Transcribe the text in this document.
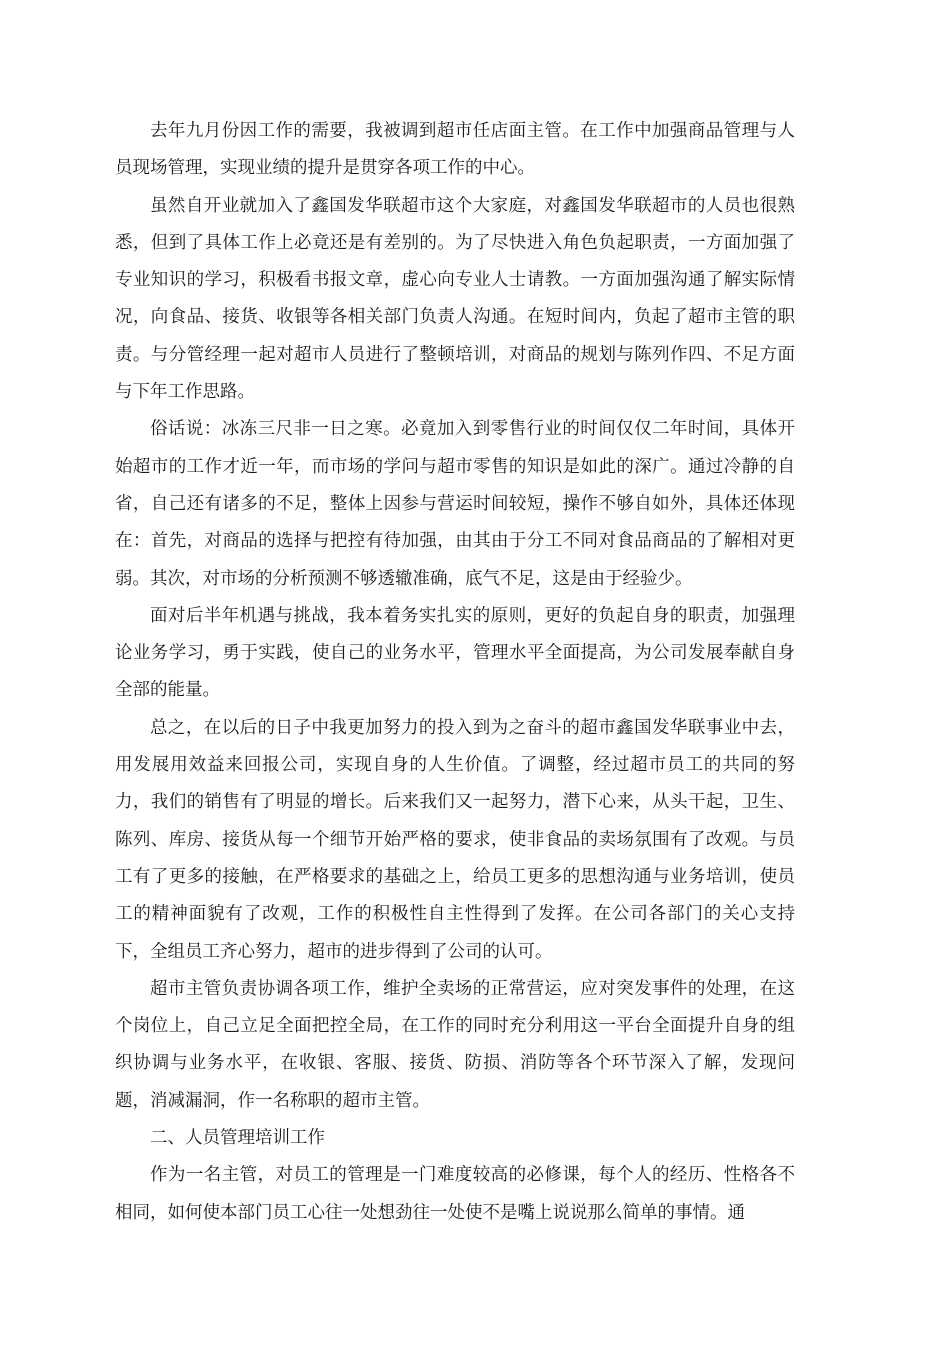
去年九月份因工作的需要，我被调到超市任店面主管。在工作中加强商品管理与人员现场管理，实现业绩的提升是贯穿各项工作的中心。

虽然自开业就加入了鑫国发华联超市这个大家庭，对鑫国发华联超市的人员也很熟悉，但到了具体工作上必竟还是有差别的。为了尽快进入角色负起职责，一方面加强了专业知识的学习，积极看书报文章，虚心向专业人士请教。一方面加强沟通了解实际情况，向食品、接货、收银等各相关部门负责人沟通。在短时间内，负起了超市主管的职责。与分管经理一起对超市人员进行了整顿培训，对商品的规划与陈列作四、不足方面与下年工作思路。

俗话说：冰冻三尺非一日之寒。必竟加入到零售行业的时间仅仅二年时间，具体开始超市的工作才近一年，而市场的学问与超市零售的知识是如此的深广。通过冷静的自省，自己还有诸多的不足，整体上因参与营运时间较短，操作不够自如外，具体还体现在：首先，对商品的选择与把控有待加强，由其由于分工不同对食品商品的了解相对更弱。其次，对市场的分析预测不够透辙准确，底气不足，这是由于经验少。

面对后半年机遇与挑战，我本着务实扎实的原则，更好的负起自身的职责，加强理论业务学习，勇于实践，使自己的业务水平，管理水平全面提高，为公司发展奉献自身全部的能量。

总之，在以后的日子中我更加努力的投入到为之奋斗的超市鑫国发华联事业中去，用发展用效益来回报公司，实现自身的人生价值。了调整，经过超市员工的共同的努力，我们的销售有了明显的增长。后来我们又一起努力，潜下心来，从头干起，卫生、陈列、库房、接货从每一个细节开始严格的要求，使非食品的卖场氛围有了改观。与员工有了更多的接触，在严格要求的基础之上，给员工更多的思想沟通与业务培训，使员工的精神面貌有了改观，工作的积极性自主性得到了发挥。在公司各部门的关心支持下，全组员工齐心努力，超市的进步得到了公司的认可。

超市主管负责协调各项工作，维护全卖场的正常营运，应对突发事件的处理，在这个岗位上，自己立足全面把控全局，在工作的同时充分利用这一平台全面提升自身的组织协调与业务水平，在收银、客服、接货、防损、消防等各个环节深入了解，发现问题，消减漏洞，作一名称职的超市主管。

二、人员管理培训工作

作为一名主管，对员工的管理是一门难度较高的必修课，每个人的经历、性格各不相同，如何使本部门员工心往一处想劲往一处使不是嘴上说说那么简单的事情。通
